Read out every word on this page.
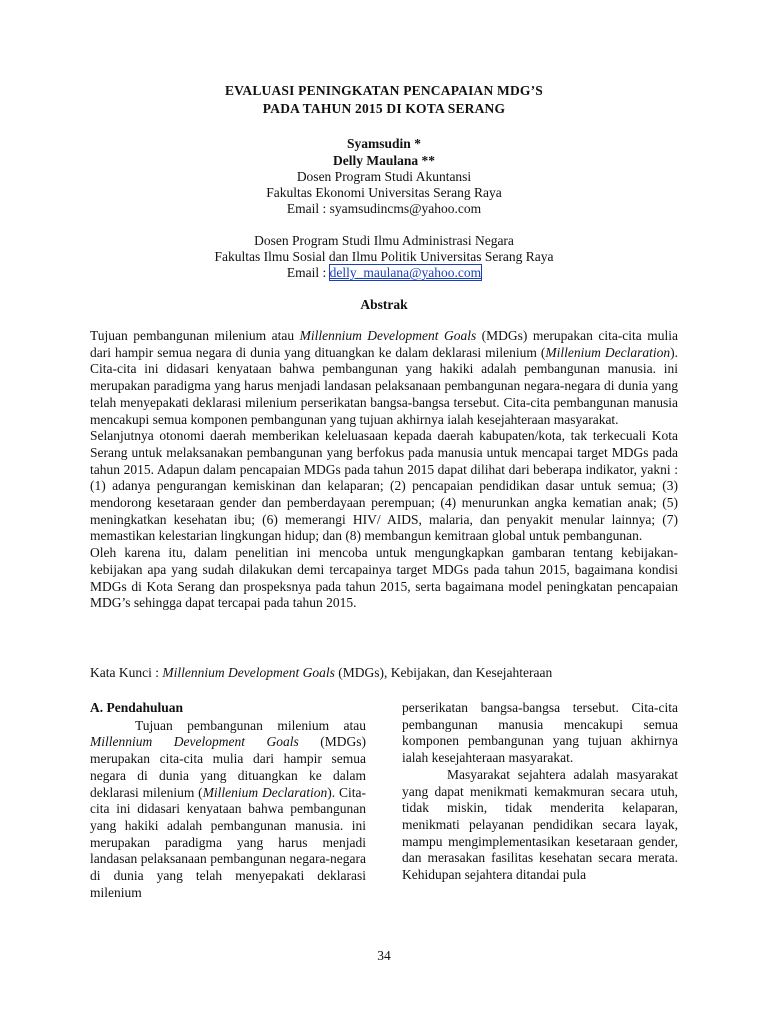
EVALUASI PENINGKATAN PENCAPAIAN MDG’S
PADA TAHUN 2015 DI KOTA SERANG
Syamsudin *
Delly Maulana **
Dosen Program Studi Akuntansi
Fakultas Ekonomi Universitas Serang Raya
Email : syamsudincms@yahoo.com
Dosen Program Studi Ilmu Administrasi Negara
Fakultas Ilmu Sosial dan Ilmu Politik Universitas Serang Raya
Email : delly_maulana@yahoo.com
Abstrak

Tujuan pembangunan milenium atau Millennium Development Goals (MDGs) merupakan cita-cita mulia dari hampir semua negara di dunia yang dituangkan ke dalam deklarasi milenium (Millenium Declaration). Cita-cita ini didasari kenyataan bahwa pembangunan yang hakiki adalah pembangunan manusia. ini merupakan paradigma yang harus menjadi landasan pelaksanaan pembangunan negara-negara di dunia yang telah menyepakati deklarasi milenium perserikatan bangsa-bangsa tersebut. Cita-cita pembangunan manusia mencakupi semua komponen pembangunan yang tujuan akhirnya ialah kesejahteraan masyarakat.

Selanjutnya otonomi daerah memberikan keleluasaan kepada daerah kabupaten/kota, tak terkecuali Kota Serang untuk melaksanakan pembangunan yang berfokus pada manusia untuk mencapai target MDGs pada tahun 2015. Adapun dalam pencapaian MDGs pada tahun 2015 dapat dilihat dari beberapa indikator, yakni : (1) adanya pengurangan kemiskinan dan kelaparan; (2) pencapaian pendidikan dasar untuk semua; (3) mendorong kesetaraan gender dan pemberdayaan perempuan; (4) menurunkan angka kematian anak; (5) meningkatkan kesehatan ibu; (6) memerangi HIV/ AIDS, malaria, dan penyakit menular lainnya; (7) memastikan kelestarian lingkungan hidup; dan (8) membangun kemitraan global untuk pembangunan.

Oleh karena itu, dalam penelitian ini mencoba untuk mengungkapkan gambaran tentang kebijakan-kebijakan apa yang sudah dilakukan demi tercapainya target MDGs pada tahun 2015, bagaimana kondisi MDGs di Kota Serang dan prospeksnya pada tahun 2015, serta bagaimana model peningkatan pencapaian MDG’s sehingga dapat tercapai pada tahun 2015.

Kata Kunci : Millennium Development Goals (MDGs), Kebijakan, dan Kesejahteraan

A. Pendahuluan

Tujuan pembangunan milenium atau Millennium Development Goals (MDGs) merupakan cita-cita mulia dari hampir semua negara di dunia yang dituangkan ke dalam deklarasi milenium (Millenium Declaration). Cita-cita ini didasari kenyataan bahwa pembangunan yang hakiki adalah pembangunan manusia. ini merupakan paradigma yang harus menjadi landasan pelaksanaan pembangunan negara-negara di dunia yang telah menyepakati deklarasi milenium

perserikatan bangsa-bangsa tersebut. Cita-cita pembangunan manusia mencakupi semua komponen pembangunan yang tujuan akhirnya ialah kesejahteraan masyarakat.

Masyarakat sejahtera adalah masyarakat yang dapat menikmati kemakmuran secara utuh, tidak miskin, tidak menderita kelaparan, menikmati pelayanan pendidikan secara layak, mampu mengimplementasikan kesetaraan gender, dan merasakan fasilitas kesehatan secara merata. Kehidupan sejahtera ditandai pula

34
